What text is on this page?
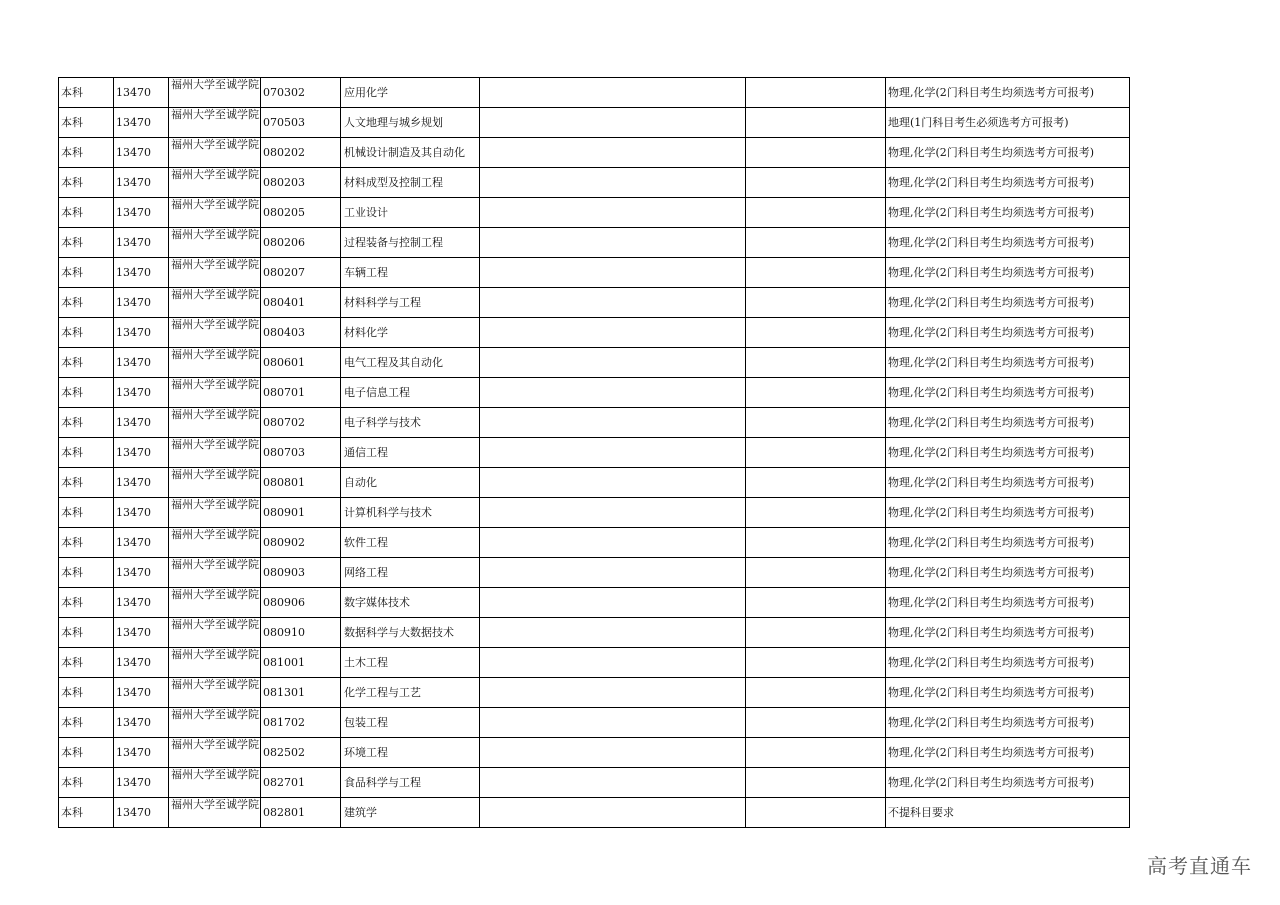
本科	13470	福州大学至诚学院	070302	应用化学			物理,化学(2门科目考生均须选考方可报考)
本科	13470	福州大学至诚学院	070503	人文地理与城乡规划			地理(1门科目考生必须选考方可报考)
本科	13470	福州大学至诚学院	080202	机械设计制造及其自动化			物理,化学(2门科目考生均须选考方可报考)
本科	13470	福州大学至诚学院	080203	材料成型及控制工程			物理,化学(2门科目考生均须选考方可报考)
本科	13470	福州大学至诚学院	080205	工业设计			物理,化学(2门科目考生均须选考方可报考)
本科	13470	福州大学至诚学院	080206	过程装备与控制工程			物理,化学(2门科目考生均须选考方可报考)
本科	13470	福州大学至诚学院	080207	车辆工程			物理,化学(2门科目考生均须选考方可报考)
本科	13470	福州大学至诚学院	080401	材料科学与工程			物理,化学(2门科目考生均须选考方可报考)
本科	13470	福州大学至诚学院	080403	材料化学			物理,化学(2门科目考生均须选考方可报考)
本科	13470	福州大学至诚学院	080601	电气工程及其自动化			物理,化学(2门科目考生均须选考方可报考)
本科	13470	福州大学至诚学院	080701	电子信息工程			物理,化学(2门科目考生均须选考方可报考)
本科	13470	福州大学至诚学院	080702	电子科学与技术			物理,化学(2门科目考生均须选考方可报考)
本科	13470	福州大学至诚学院	080703	通信工程			物理,化学(2门科目考生均须选考方可报考)
本科	13470	福州大学至诚学院	080801	自动化			物理,化学(2门科目考生均须选考方可报考)
本科	13470	福州大学至诚学院	080901	计算机科学与技术			物理,化学(2门科目考生均须选考方可报考)
本科	13470	福州大学至诚学院	080902	软件工程			物理,化学(2门科目考生均须选考方可报考)
本科	13470	福州大学至诚学院	080903	网络工程			物理,化学(2门科目考生均须选考方可报考)
本科	13470	福州大学至诚学院	080906	数字媒体技术			物理,化学(2门科目考生均须选考方可报考)
本科	13470	福州大学至诚学院	080910	数据科学与大数据技术			物理,化学(2门科目考生均须选考方可报考)
本科	13470	福州大学至诚学院	081001	土木工程			物理,化学(2门科目考生均须选考方可报考)
本科	13470	福州大学至诚学院	081301	化学工程与工艺			物理,化学(2门科目考生均须选考方可报考)
本科	13470	福州大学至诚学院	081702	包装工程			物理,化学(2门科目考生均须选考方可报考)
本科	13470	福州大学至诚学院	082502	环境工程			物理,化学(2门科目考生均须选考方可报考)
本科	13470	福州大学至诚学院	082701	食品科学与工程			物理,化学(2门科目考生均须选考方可报考)
本科	13470	福州大学至诚学院	082801	建筑学			不提科目要求
高考直通车
